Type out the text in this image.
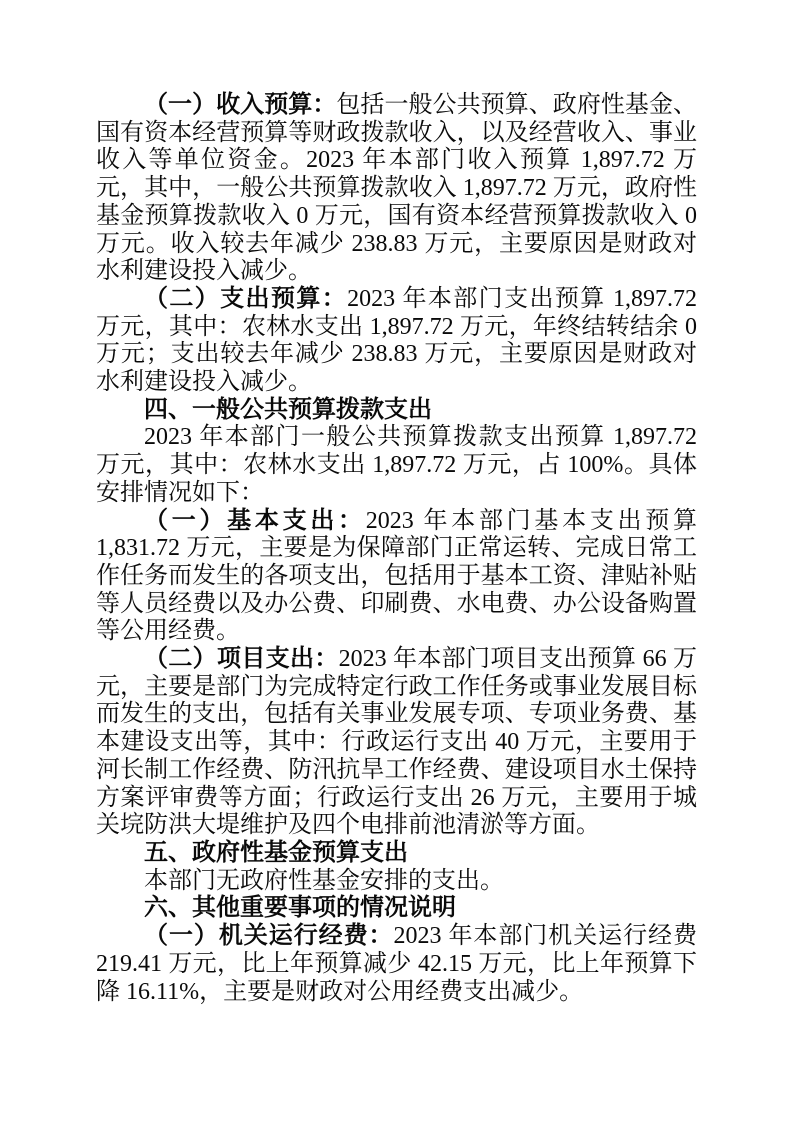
（一）收入预算：包括一般公共预算、政府性基金、国有资本经营预算等财政拨款收入，以及经营收入、事业收入等单位资金。2023 年本部门收入预算 1,897.72 万元，其中，一般公共预算拨款收入 1,897.72 万元，政府性基金预算拨款收入 0 万元，国有资本经营预算拨款收入 0 万元。收入较去年减少 238.83 万元，主要原因是财政对水利建设投入减少。

（二）支出预算：2023 年本部门支出预算 1,897.72 万元，其中：农林水支出 1,897.72 万元，年终结转结余 0 万元；支出较去年减少 238.83 万元，主要原因是财政对水利建设投入减少。

四、一般公共预算拨款支出

2023 年本部门一般公共预算拨款支出预算 1,897.72 万元，其中：农林水支出 1,897.72 万元，占 100%。具体安排情况如下：

（一）基本支出：2023 年本部门基本支出预算 1,831.72 万元，主要是为保障部门正常运转、完成日常工作任务而发生的各项支出，包括用于基本工资、津贴补贴等人员经费以及办公费、印刷费、水电费、办公设备购置等公用经费。

（二）项目支出：2023 年本部门项目支出预算 66 万元，主要是部门为完成特定行政工作任务或事业发展目标而发生的支出，包括有关事业发展专项、专项业务费、基本建设支出等，其中：行政运行支出 40 万元，主要用于河长制工作经费、防汛抗旱工作经费、建设项目水土保持方案评审费等方面；行政运行支出 26 万元，主要用于城关垸防洪大堤维护及四个电排前池清淤等方面。

五、政府性基金预算支出

本部门无政府性基金安排的支出。

六、其他重要事项的情况说明

（一）机关运行经费：2023 年本部门机关运行经费 219.41 万元，比上年预算减少 42.15 万元，比上年预算下降 16.11%，主要是财政对公用经费支出减少。
